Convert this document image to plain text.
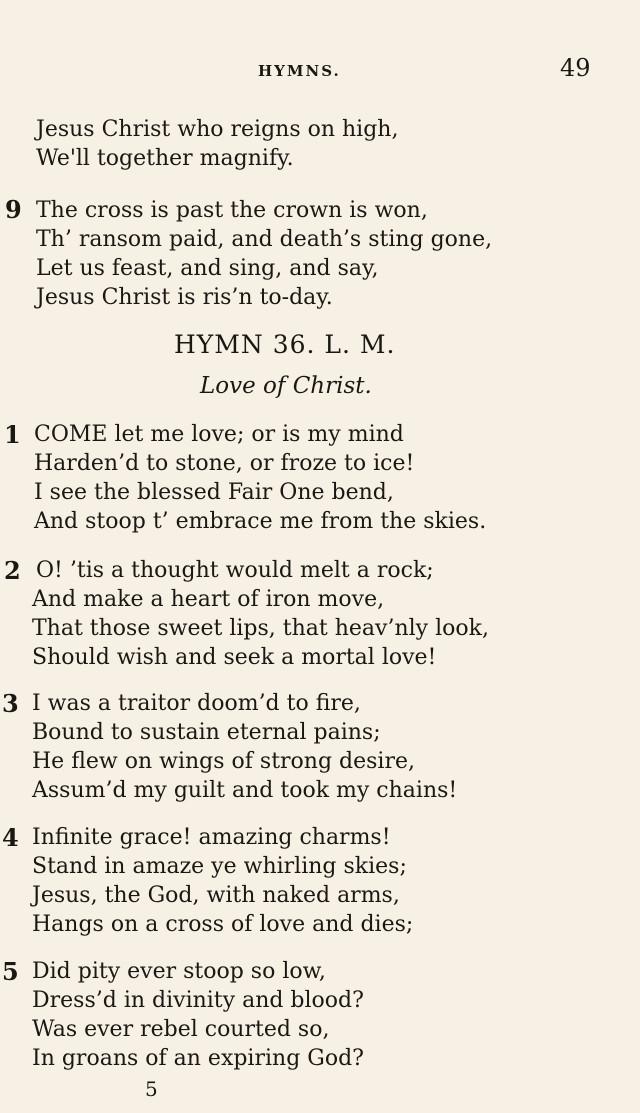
HYMNS.	49
Jesus Christ who reigns on high,
We'll together magnify.
9 The cross is past the crown is won,
Th’ ransom paid, and death’s sting gone,
Let us feast, and sing, and say,
Jesus Christ is ris’n to-day.
HYMN 36. L. M.
Love of Christ.
1 COME let me love; or is my mind
Harden’d to stone, or froze to ice!
I see the blessed Fair One bend,
And stoop t’ embrace me from the skies.
2 O! ’tis a thought would melt a rock;
And make a heart of iron move,
That those sweet lips, that heav’nly look,
Should wish and seek a mortal love!
3 I was a traitor doom’d to fire,
Bound to sustain eternal pains;
He flew on wings of strong desire,
Assum’d my guilt and took my chains!
4 Infinite grace! amazing charms!
Stand in amaze ye whirling skies;
Jesus, the God, with naked arms,
Hangs on a cross of love and dies;
5 Did pity ever stoop so low,
Dress’d in divinity and blood?
Was ever rebel courted so,
In groans of an expiring God?
5
